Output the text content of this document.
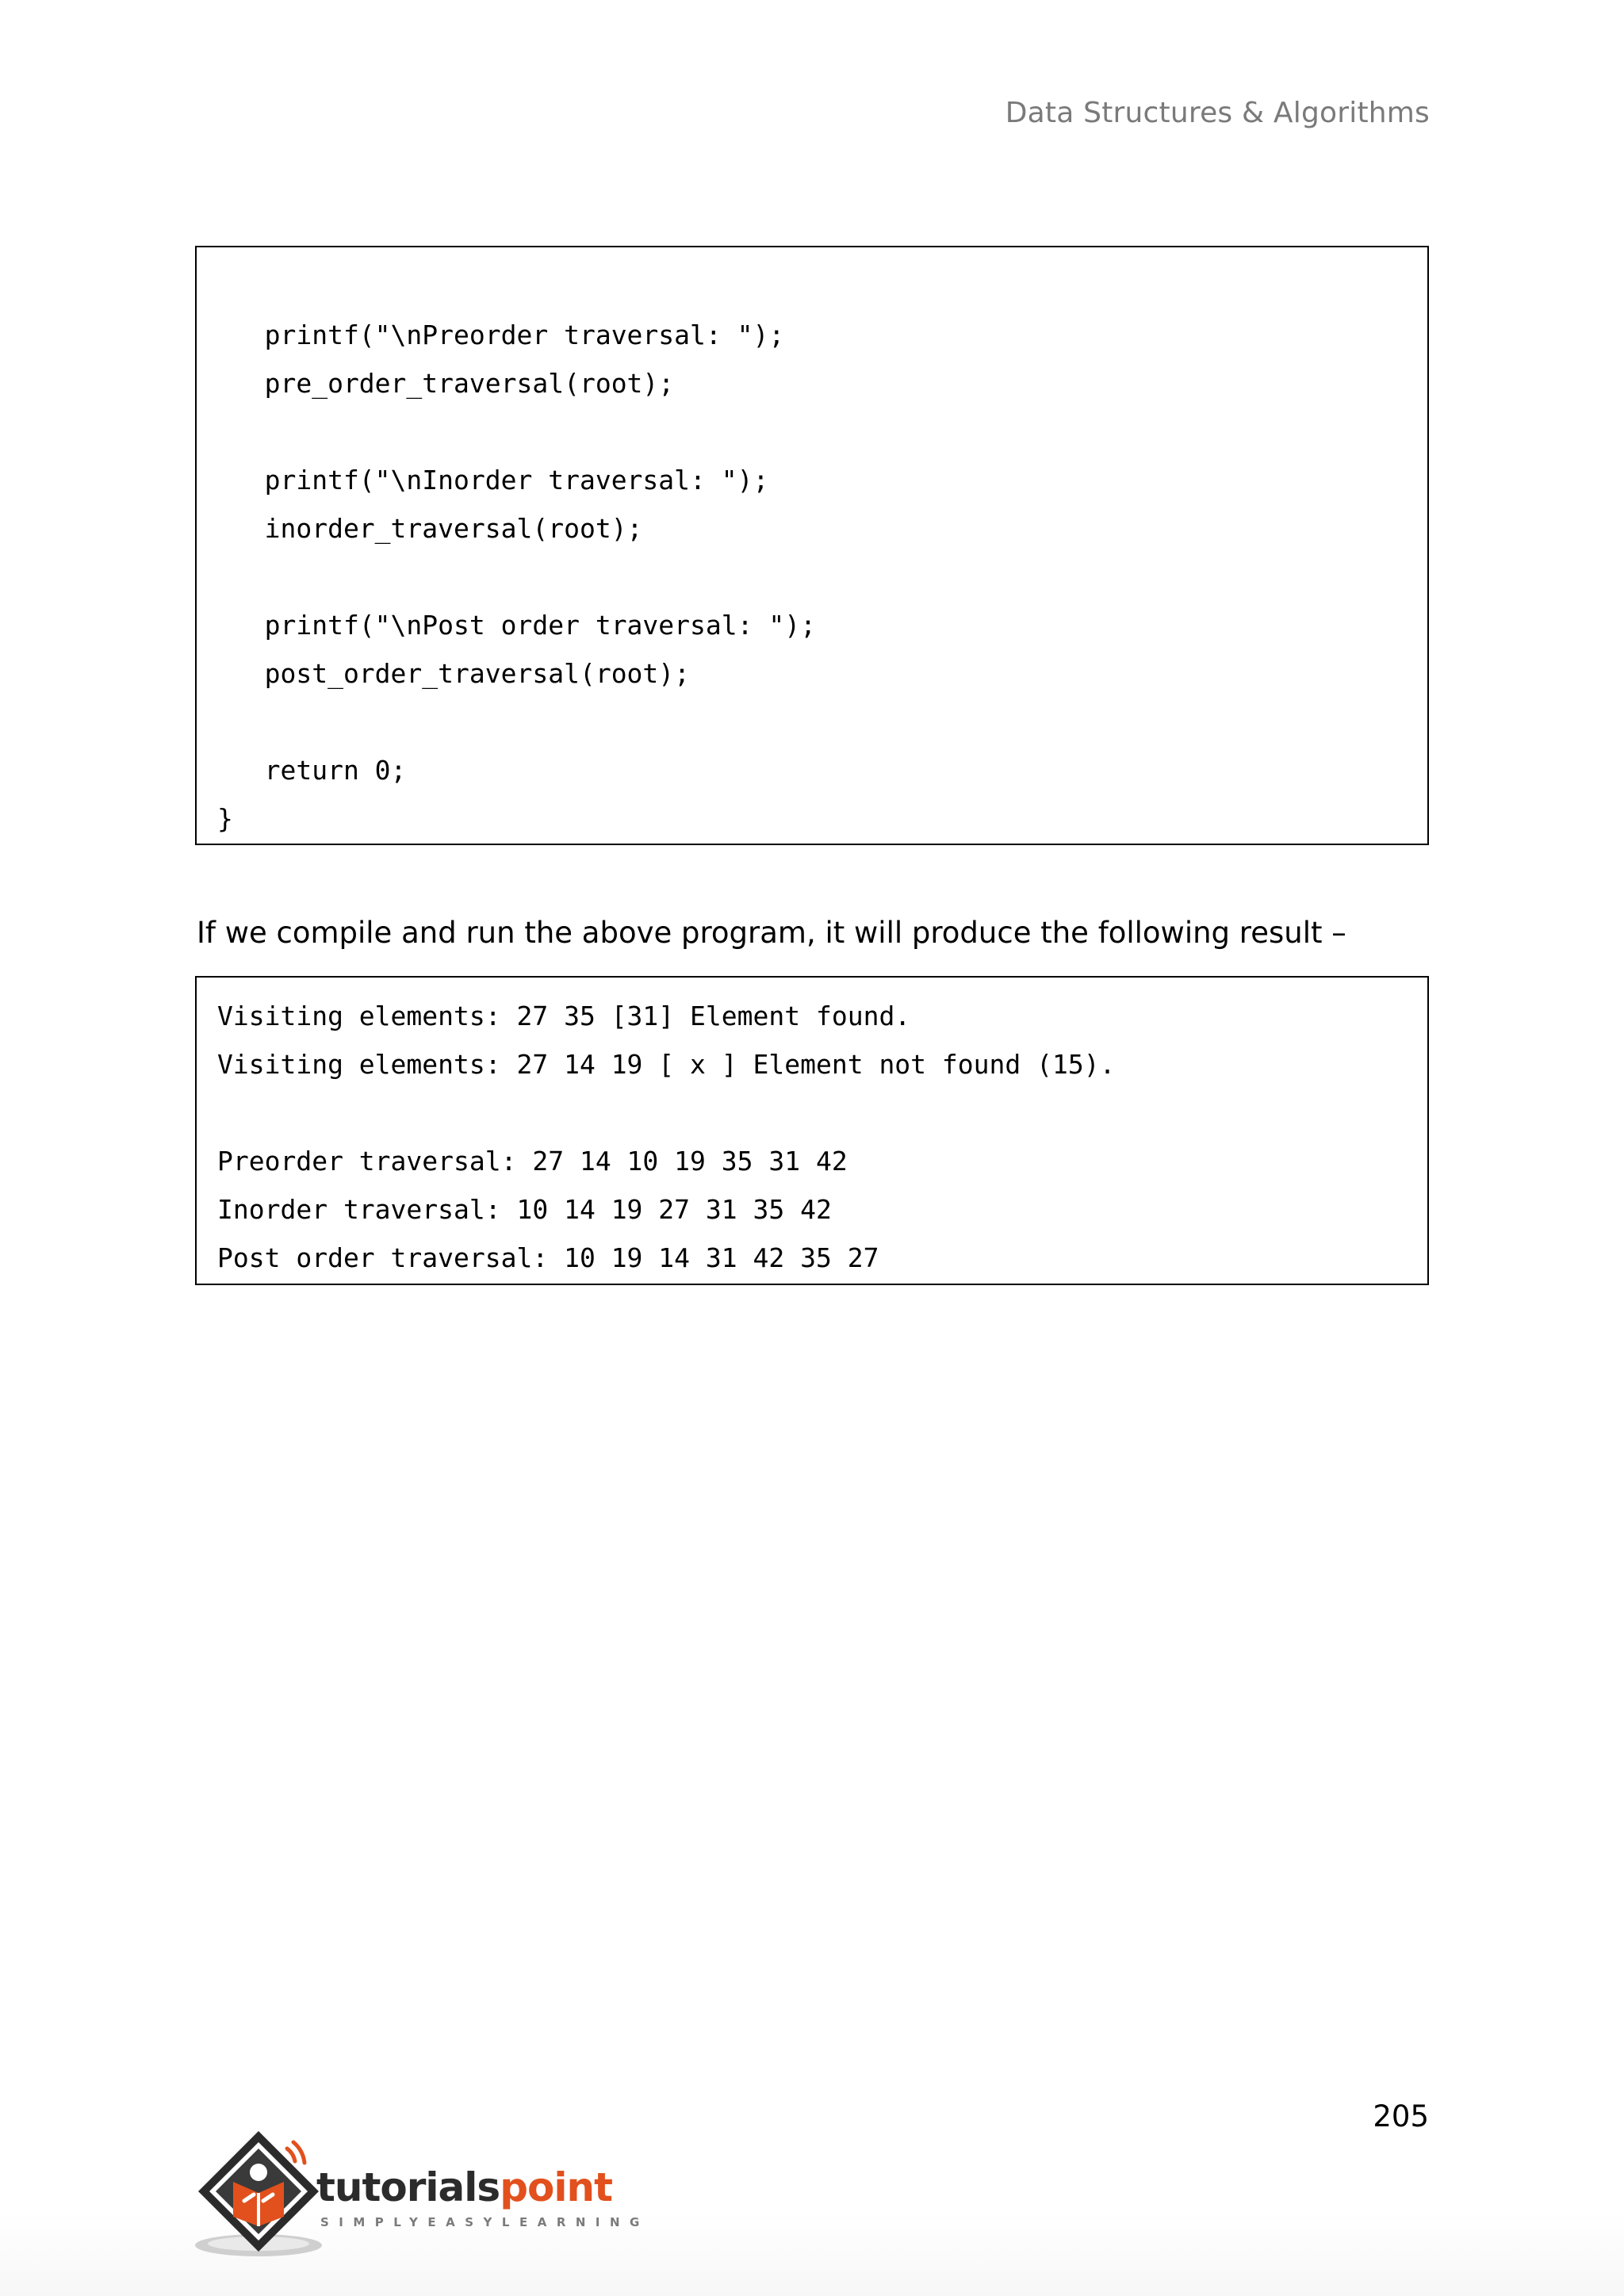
Data Structures & Algorithms
printf("\nPreorder traversal: ");
pre_order_traversal(root);
printf("\nInorder traversal: ");
inorder_traversal(root);
printf("\nPost order traversal: ");
post_order_traversal(root);
return 0;
}
If we compile and run the above program, it will produce the following result –
Visiting elements: 27 35 [31] Element found.
Visiting elements: 27 14 19 [ x ] Element not found (15).
Preorder traversal: 27 14 10 19 35 31 42
Inorder traversal: 10 14 19 27 31 35 42
Post order traversal: 10 19 14 31 42 35 27
205
tutorialspoint
SIMPLYEASYLEARNING
